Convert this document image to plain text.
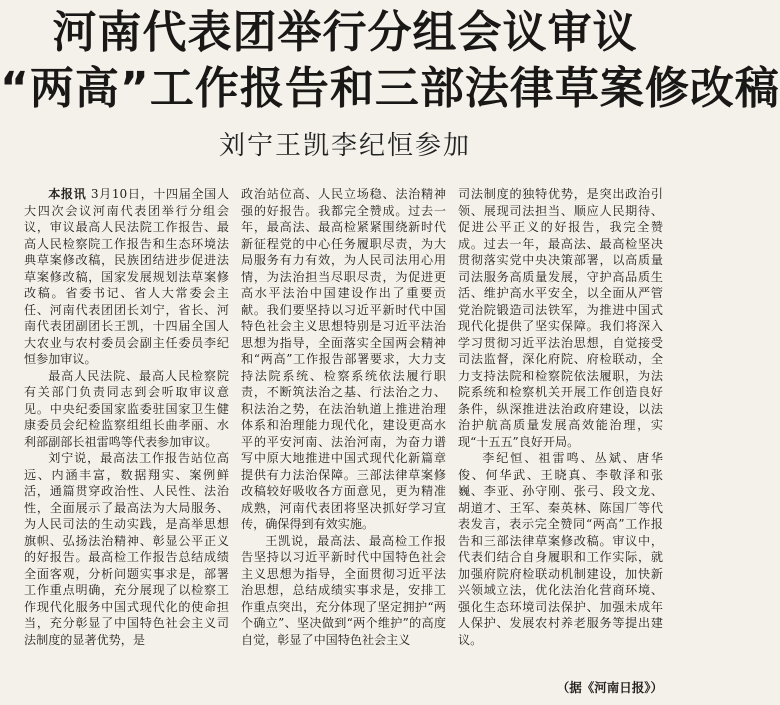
河南代表团举行分组会议审议
“两高”工作报告和三部法律草案修改稿
刘宁王凯李纪恒参加

本报讯 3月10日，十四届全国人大四次会议河南代表团举行分组会议，审议最高人民法院工作报告、最高人民检察院工作报告和生态环境法典草案修改稿，民族团结进步促进法草案修改稿，国家发展规划法草案修改稿。省委书记、省人大常委会主任、河南代表团团长刘宁，省长、河南代表团副团长王凯，十四届全国人大农业与农村委员会副主任委员李纪恒参加审议。

最高人民法院、最高人民检察院有关部门负责同志到会听取审议意见。中央纪委国家监委驻国家卫生健康委员会纪检监察组组长曲孝丽、水利部副部长祖雷鸣等代表参加审议。

刘宁说，最高法工作报告站位高远、内涵丰富，数据翔实、案例鲜活，通篇贯穿政治性、人民性、法治性，全面展示了最高法为大局服务、为人民司法的生动实践，是高举思想旗帜、弘扬法治精神、彰显公平正义的好报告。最高检工作报告总结成绩全面客观，分析问题实事求是，部署工作重点明确，充分展现了以检察工作现代化服务中国式现代化的使命担当，充分彰显了中国特色社会主义司法制度的显著优势，是

政治站位高、人民立场稳、法治精神强的好报告。我都完全赞成。过去一年，最高法、最高检紧紧围绕新时代新征程党的中心任务履职尽责，为大局服务有力有效，为人民司法用心用情，为法治担当尽职尽责，为促进更高水平法治中国建设作出了重要贡献。我们要坚持以习近平新时代中国特色社会主义思想特别是习近平法治思想为指导，全面落实全国两会精神和“两高”工作报告部署要求，大力支持法院系统、检察系统依法履行职责，不断筑法治之基、行法治之力、积法治之势，在法治轨道上推进治理体系和治理能力现代化，建设更高水平的平安河南、法治河南，为奋力谱写中原大地推进中国式现代化新篇章提供有力法治保障。三部法律草案修改稿较好吸收各方面意见，更为精准成熟，河南代表团将坚决抓好学习宣传，确保得到有效实施。

王凯说，最高法、最高检工作报告坚持以习近平新时代中国特色社会主义思想为指导，全面贯彻习近平法治思想，总结成绩实事求是，安排工作重点突出，充分体现了坚定拥护“两个确立”、坚决做到“两个维护”的高度自觉，彰显了中国特色社会主义

司法制度的独特优势，是突出政治引领、展现司法担当、顺应人民期待、促进公平正义的好报告，我完全赞成。过去一年，最高法、最高检坚决贯彻落实党中央决策部署，以高质量司法服务高质量发展，守护高品质生活、维护高水平安全，以全面从严管党治院锻造司法铁军，为推进中国式现代化提供了坚实保障。我们将深入学习贯彻习近平法治思想，自觉接受司法监督，深化府院、府检联动，全力支持法院和检察院依法履职，为法院系统和检察机关开展工作创造良好条件，纵深推进法治政府建设，以法治护航高质量发展高效能治理，实现“十五五”良好开局。

李纪恒、祖雷鸣、丛斌、唐华俊、何华武、王晓真、李敬泽和张巍、李亚、孙守刚、张弓、段文龙、胡道才、王军、秦英林、陈国厂等代表发言，表示完全赞同“两高”工作报告和三部法律草案修改稿。审议中，代表们结合自身履职和工作实际，就加强府院府检联动机制建设，加快新兴领域立法，优化法治化营商环境、强化生态环境司法保护、加强未成年人保护、发展农村养老服务等提出建议。

（据《河南日报》）
